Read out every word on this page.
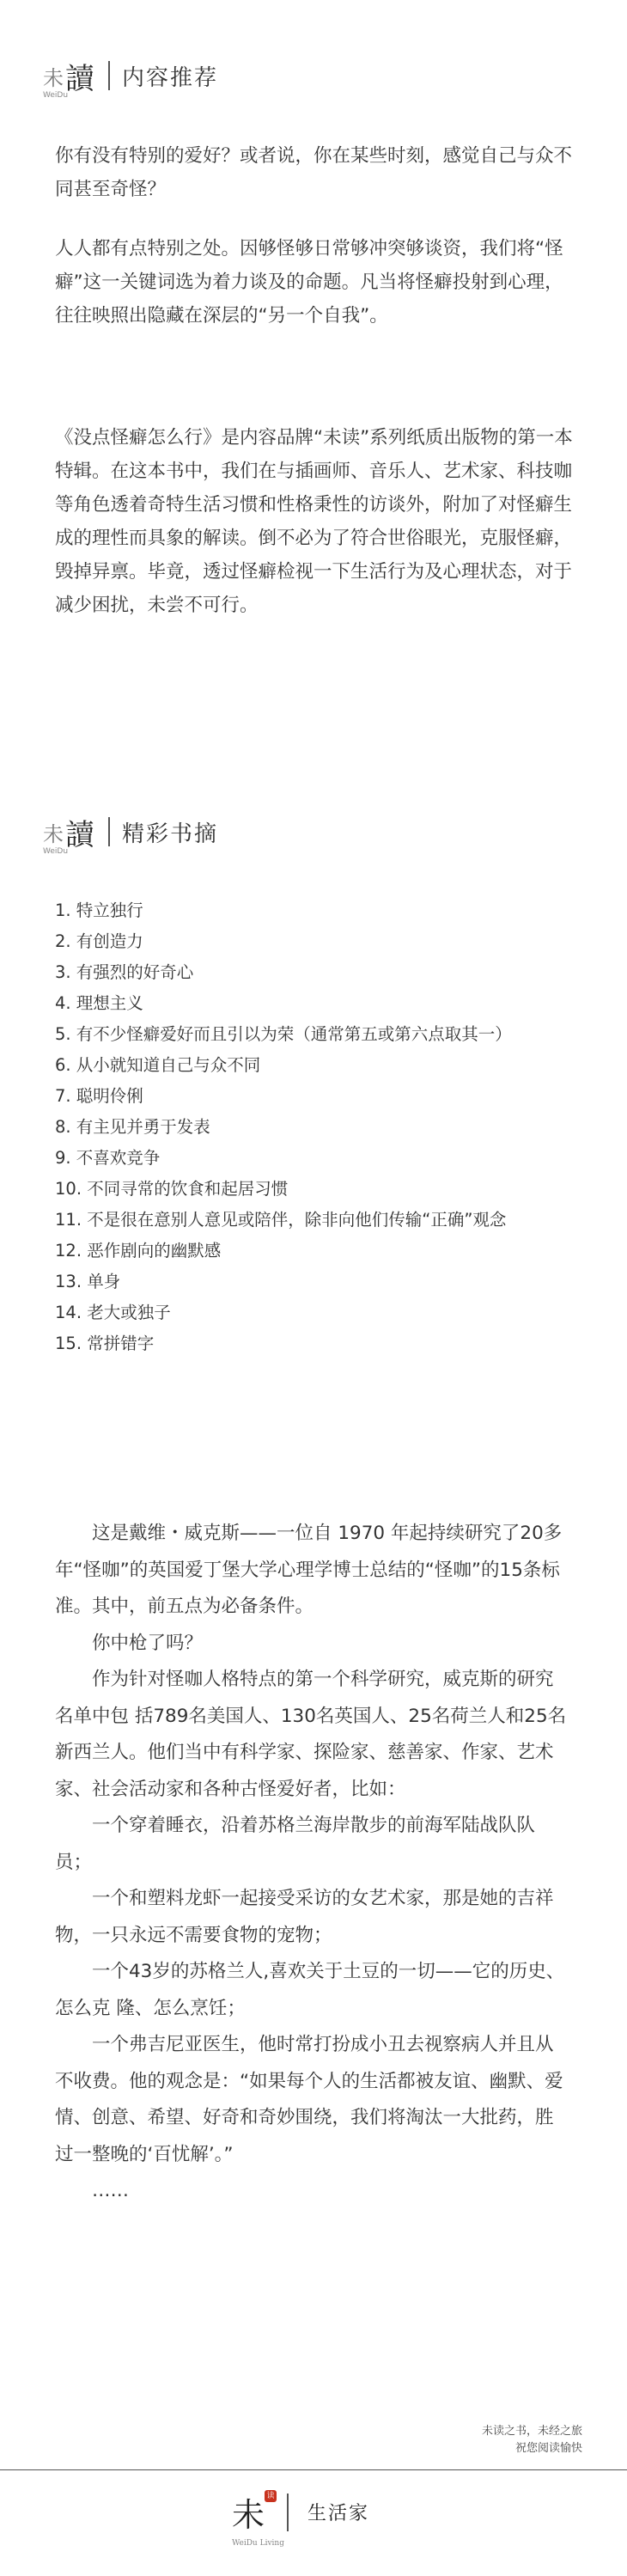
未 讀
WeiDu
内容推荐

你有没有特别的爱好？或者说，你在某些时刻，感觉自己与众不同甚至奇怪？

人人都有点特别之处。因够怪够日常够冲突够谈资，我们将“怪癖”这一关键词选为着力谈及的命题。凡当将怪癖投射到心理，往往映照出隐藏在深层的“另一个自我”。

《没点怪癖怎么行》是内容品牌“未读”系列纸质出版物的第一本特辑。在这本书中，我们在与插画师、音乐人、艺术家、科技咖等角色透着奇特生活习惯和性格秉性的访谈外，附加了对怪癖生成的理性而具象的解读。倒不必为了符合世俗眼光，克服怪癖，毁掉异禀。毕竟，透过怪癖检视一下生活行为及心理状态，对于减少困扰，未尝不可行。

未 讀
WeiDu
精彩书摘
1. 特立独行
2. 有创造力
3. 有强烈的好奇心
4. 理想主义
5. 有不少怪癖爱好而且引以为荣（通常第五或第六点取其一）
6. 从小就知道自己与众不同
7. 聪明伶俐
8. 有主见并勇于发表
9. 不喜欢竞争
10. 不同寻常的饮食和起居习惯
11. 不是很在意别人意见或陪伴，除非向他们传输“正确”观念
12. 恶作剧向的幽默感
13. 单身
14. 老大或独子
15. 常拼错字

这是戴维・威克斯——一位自 1970 年起持续研究了20多年“怪咖”的英国爱丁堡大学心理学博士总结的“怪咖”的15条标准。其中，前五点为必备条件。

你中枪了吗？

作为针对怪咖人格特点的第一个科学研究，威克斯的研究名单中包 括789名美国人、130名英国人、25名荷兰人和25名新西兰人。他们当中有科学家、探险家、慈善家、作家、艺术家、社会活动家和各种古怪爱好者，比如：

一个穿着睡衣，沿着苏格兰海岸散步的前海军陆战队队员；

一个和塑料龙虾一起接受采访的女艺术家，那是她的吉祥物，一只永远不需要食物的宠物；

一个43岁的苏格兰人,喜欢关于土豆的一切——它的历史、怎么克 隆、怎么烹饪；

一个弗吉尼亚医生，他时常打扮成小丑去视察病人并且从不收费。他的观念是：“如果每个人的生活都被友谊、幽默、爱情、创意、希望、好奇和奇妙围绕，我们将淘汰一大批药，胜过一整晚的‘百忧解’。”

……

未读之书，未经之旅
祝您阅读愉快
未 读
WeiDu Living
生活家
